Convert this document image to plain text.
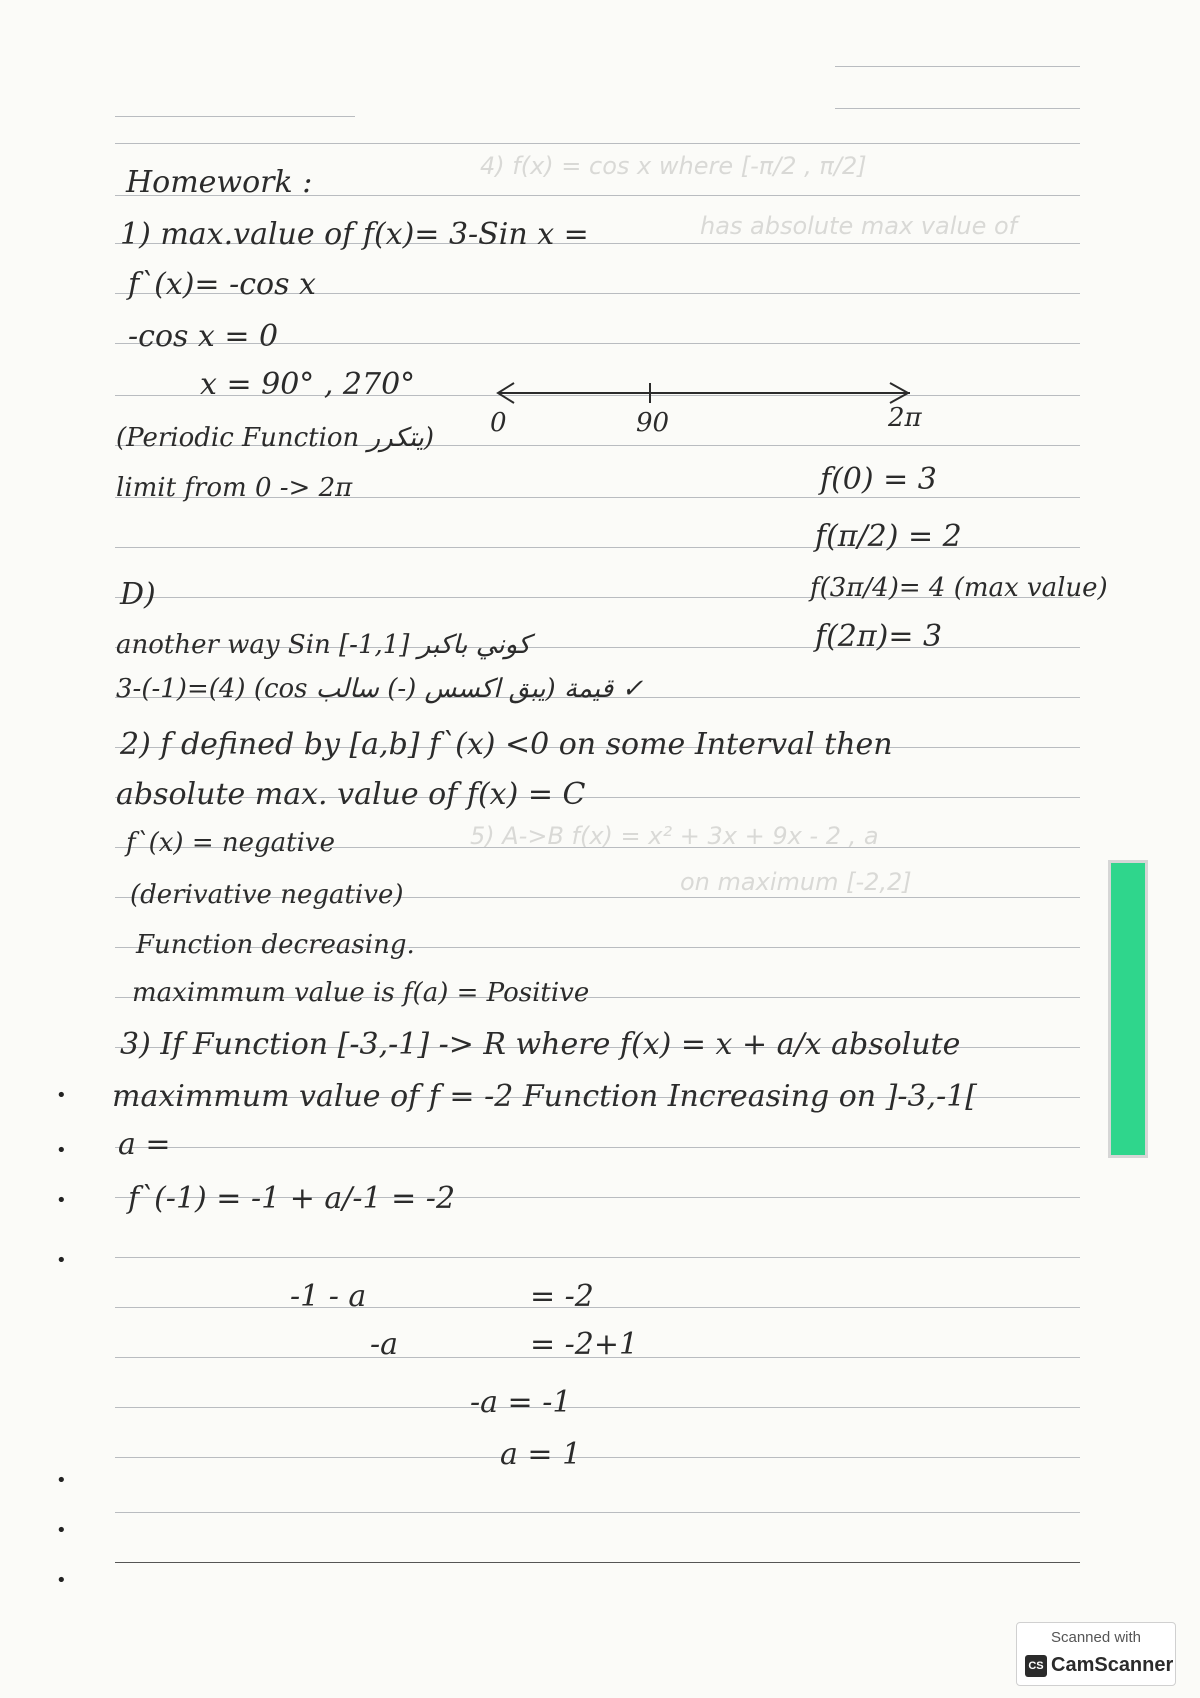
4) f(x) = cos x where [-π/2 , π/2]
has absolute max value of
5) A->B f(x) = x² + 3x + 9x - 2 , a
on maximum [-2,2]
Homework :
1) max.value of f(x)= 3-Sin x =
f`(x)= -cos x
-cos x = 0
x = 90° , 270°
(Periodic Function يتكرر)
limit from 0 -> 2π
0	90	2π
f(0) = 3
f(π/2) = 2
f(3π/4)= 4 (max value)
f(2π)= 3
D)
another way Sin [-1,1] كوني باكبر
3-(-1)=(4) (cos يبق اكسس (-) سالب) قيمة ✓
2) f defined by [a,b] f`(x) <0 on some Interval then
absolute max. value of f(x) = C
f`(x) = negative
(derivative negative)
Function decreasing.
maximmum value is f(a) = Positive
3) If Function [-3,-1] -> R where f(x) = x + a/x absolute
maximmum value of f = -2 Function Increasing on ]-3,-1[
a =
f`(-1) = -1 + a/-1 = -2
-1 - a	= -2
-a	= -2+1
-a = -1
a = 1
•
•
•
•
•
•
•
Scanned with
CS CamScanner
